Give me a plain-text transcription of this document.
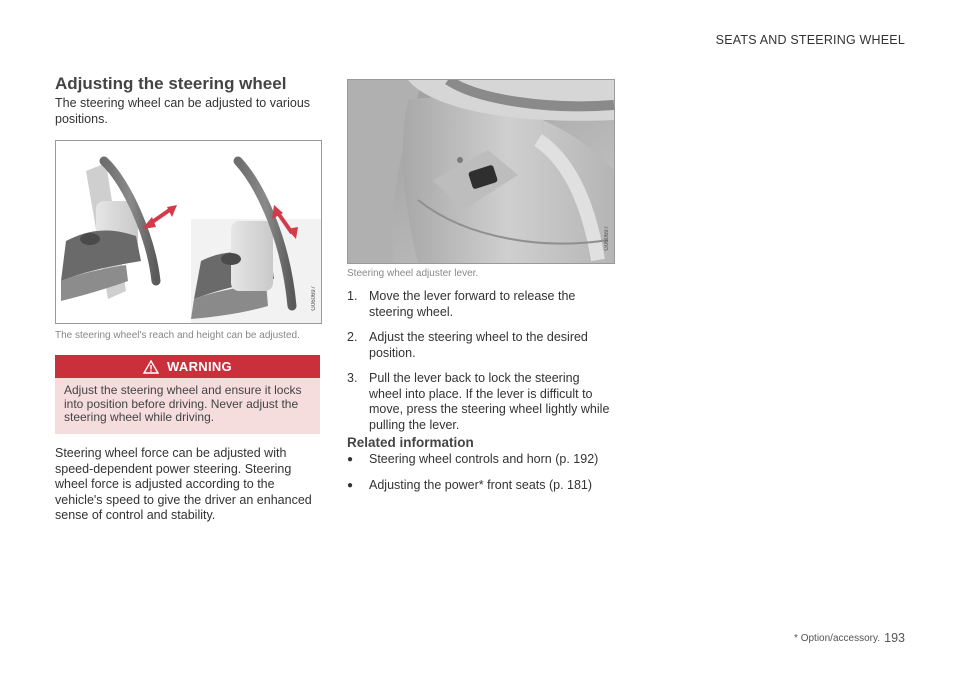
SEATS AND STEERING WHEEL
Adjusting the steering wheel
The steering wheel can be adjusted to various positions.
G060697
The steering wheel's reach and height can be adjusted.
WARNING
Adjust the steering wheel and ensure it locks into position before driving. Never adjust the steering wheel while driving.
Steering wheel force can be adjusted with speed-dependent power steering. Steering wheel force is adjusted according to the vehicle's speed to give the driver an enhanced sense of control and stability.
G060697
Steering wheel adjuster lever.
1. Move the lever forward to release the steering wheel.
2. Adjust the steering wheel to the desired position.
3. Pull the lever back to lock the steering wheel into place. If the lever is difficult to move, press the steering wheel lightly while pulling the lever.
Related information
●	Steering wheel controls and horn (p. 192)
●	Adjusting the power* front seats (p. 181)
* Option/accessory. 193
